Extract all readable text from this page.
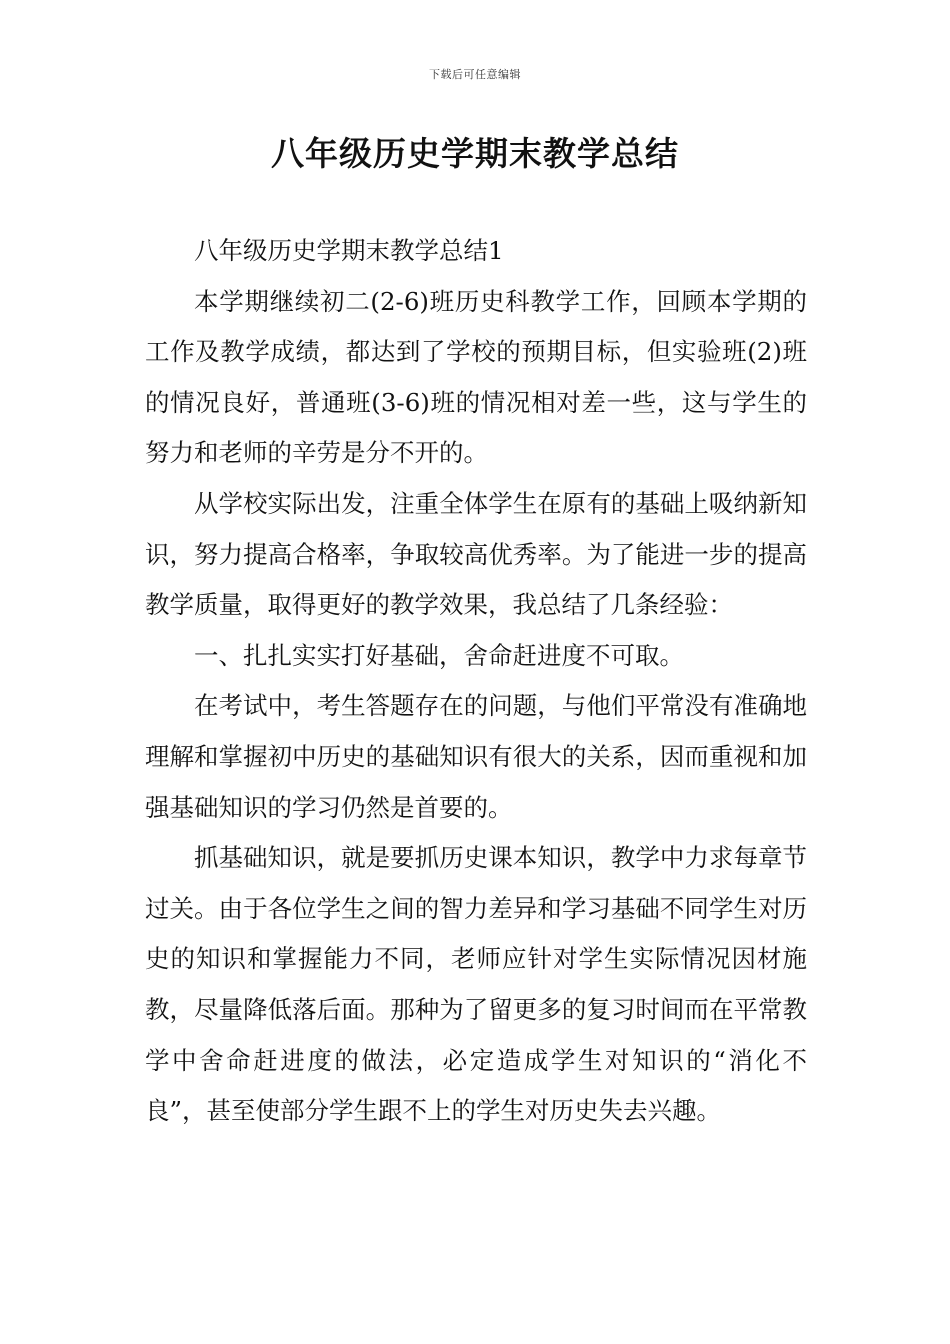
下载后可任意编辑
八年级历史学期末教学总结

八年级历史学期末教学总结1

本学期继续初二(2-6)班历史科教学工作，回顾本学期的工作及教学成绩，都达到了学校的预期目标，但实验班(2)班的情况良好，普通班(3-6)班的情况相对差一些，这与学生的努力和老师的辛劳是分不开的。

从学校实际出发，注重全体学生在原有的基础上吸纳新知识，努力提高合格率，争取较高优秀率。为了能进一步的提高教学质量，取得更好的教学效果，我总结了几条经验：

一、扎扎实实打好基础，舍命赶进度不可取。

在考试中，考生答题存在的问题，与他们平常没有准确地理解和掌握初中历史的基础知识有很大的关系，因而重视和加强基础知识的学习仍然是首要的。

抓基础知识，就是要抓历史课本知识，教学中力求每章节过关。由于各位学生之间的智力差异和学习基础不同学生对历史的知识和掌握能力不同，老师应针对学生实际情况因材施教，尽量降低落后面。那种为了留更多的复习时间而在平常教学中舍命赶进度的做法，必定造成学生对知识的“消化不良”，甚至使部分学生跟不上的学生对历史失去兴趣。
